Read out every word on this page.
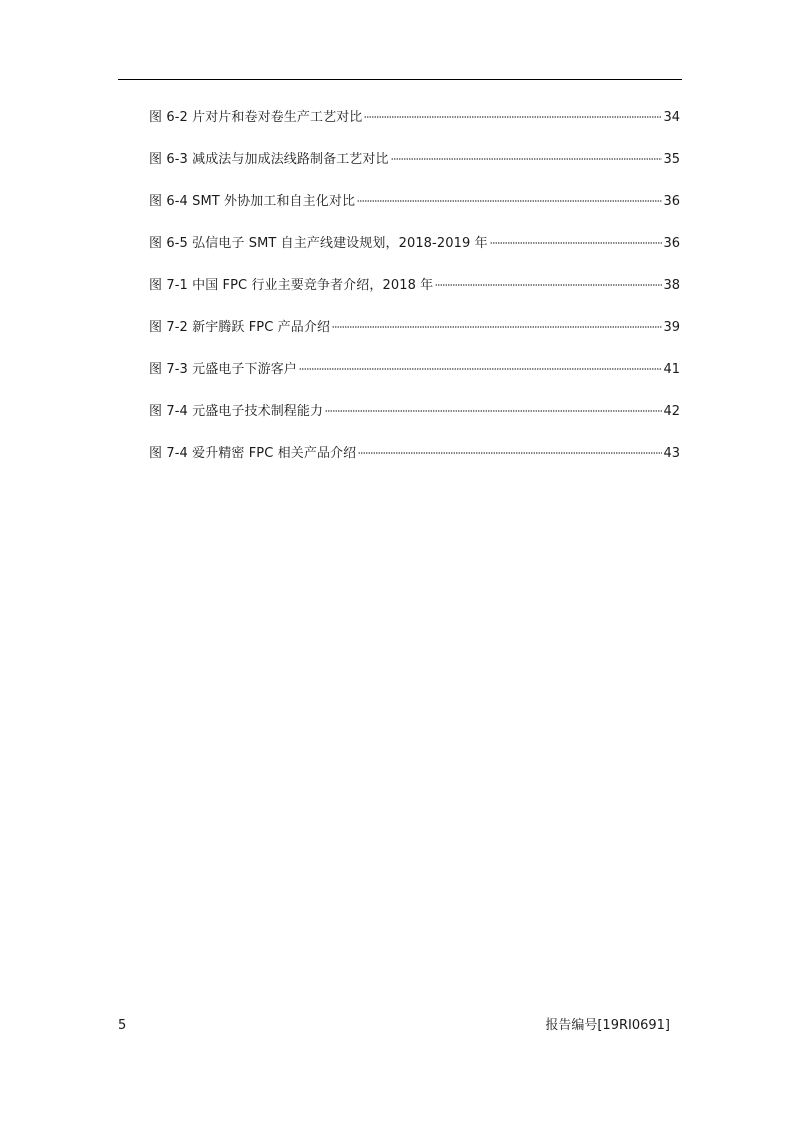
图 6-2 片对片和卷对卷生产工艺对比	34
图 6-3 减成法与加成法线路制备工艺对比	35
图 6-4 SMT 外协加工和自主化对比	36
图 6-5 弘信电子 SMT 自主产线建设规划，2018-2019 年	36
图 7-1 中国 FPC 行业主要竞争者介绍，2018 年	38
图 7-2 新宇腾跃 FPC 产品介绍	39
图 7-3 元盛电子下游客户	41
图 7-4 元盛电子技术制程能力	42
图 7-4 爱升精密 FPC 相关产品介绍	43
5	报告编号[19RI0691]
